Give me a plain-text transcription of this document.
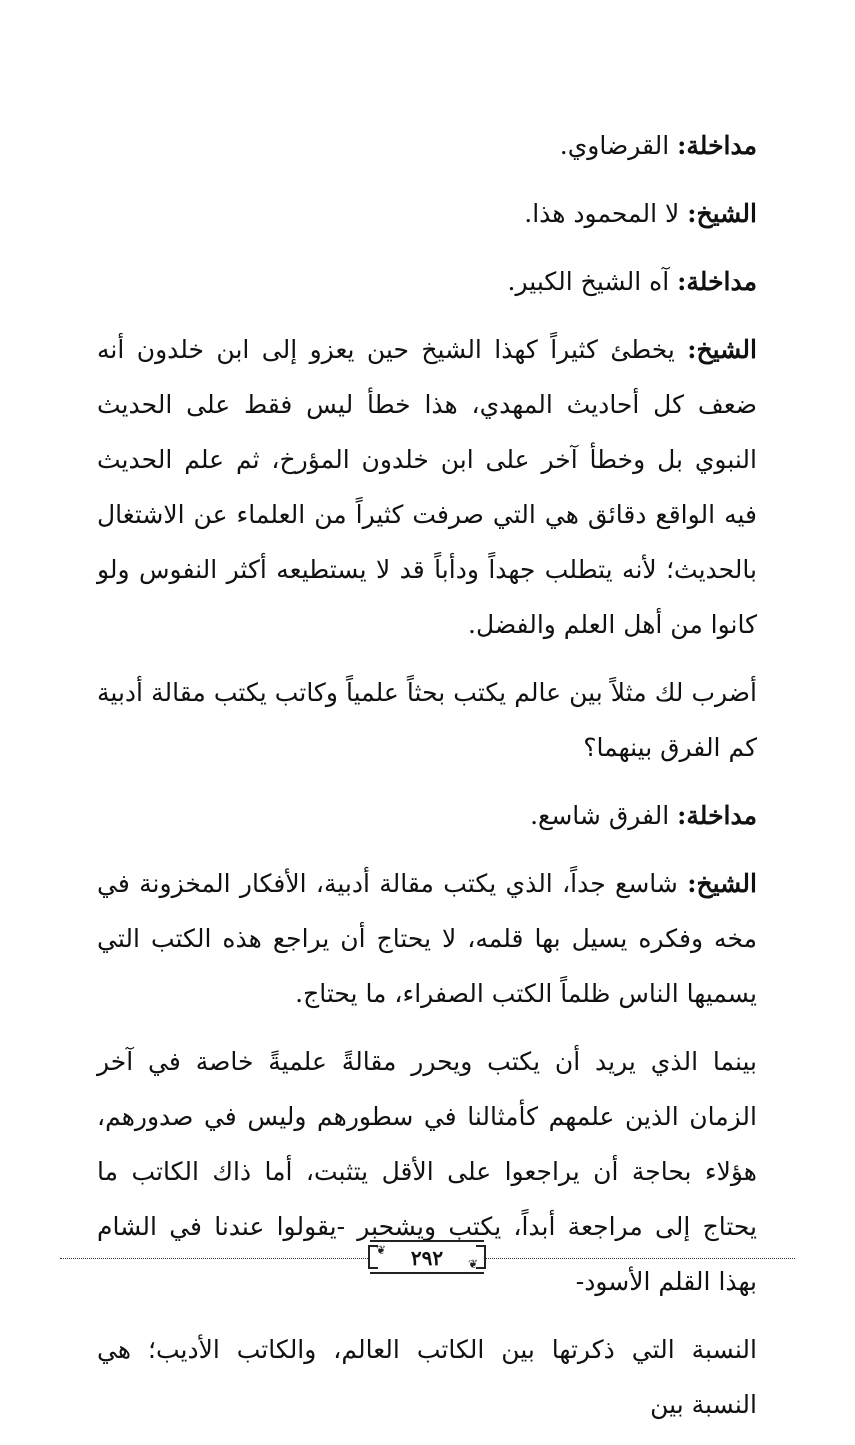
مداخلة: القرضاوي.

الشيخ: لا المحمود هذا.

مداخلة: آه الشيخ الكبير.

الشيخ: يخطئ كثيراً كهذا الشيخ حين يعزو إلى ابن خلدون أنه ضعف كل أحاديث المهدي، هذا خطأ ليس فقط على الحديث النبوي بل وخطأ آخر على ابن خلدون المؤرخ، ثم علم الحديث فيه الواقع دقائق هي التي صرفت كثيراً من العلماء عن الاشتغال بالحديث؛ لأنه يتطلب جهداً ودأباً قد لا يستطيعه أكثر النفوس ولو كانوا من أهل العلم والفضل.

أضرب لك مثلاً بين عالم يكتب بحثاً علمياً وكاتب يكتب مقالة أدبية كم الفرق بينهما؟

مداخلة: الفرق شاسع.

الشيخ: شاسع جداً، الذي يكتب مقالة أدبية، الأفكار المخزونة في مخه وفكره يسيل بها قلمه، لا يحتاج أن يراجع هذه الكتب التي يسميها الناس ظلماً الكتب الصفراء، ما يحتاج.

بينما الذي يريد أن يكتب ويحرر مقالةً علميةً خاصة في آخر الزمان الذين علمهم كأمثالنا في سطورهم وليس في صدورهم، هؤلاء بحاجة أن يراجعوا على الأقل يتثبت، أما ذاك الكاتب ما يحتاج إلى مراجعة أبداً، يكتب ويشحبر -يقولوا عندنا في الشام بهذا القلم الأسود-

النسبة التي ذكرتها بين الكاتب العالم، والكاتب الأديب؛ هي النسبة بين

❦
❦
٢٩٢
